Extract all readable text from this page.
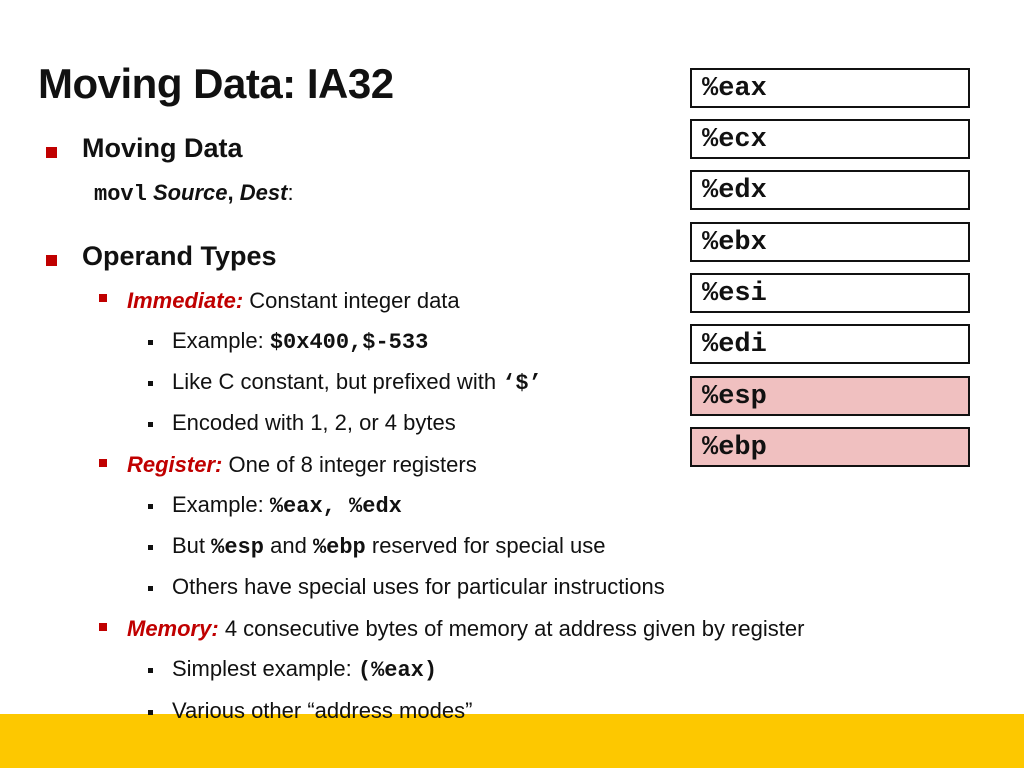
Moving Data: IA32
Moving Data
movl Source, Dest:
Operand Types
Immediate: Constant integer data
Example: $0x400,$-533
Like C constant, but prefixed with ‘$’
Encoded with 1, 2, or 4 bytes
Register: One of 8 integer registers
Example: %eax, %edx
But %esp and %ebp reserved for special use
Others have special uses for particular instructions
Memory: 4 consecutive bytes of memory at address given by register
Simplest example: (%eax)
%eax
%ecx
%edx
%ebx
%esi
%edi
%esp
%ebp
Various other “address modes”
